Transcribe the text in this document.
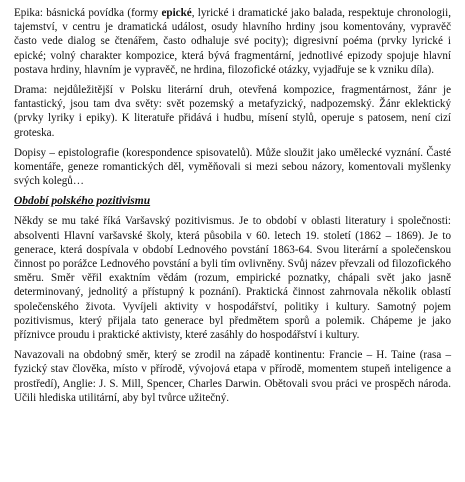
Epika: básnická povídka (formy epické, lyrické i dramatické jako balada, respektuje chronologii, tajemství, v centru je dramatická událost, osudy hlavního hrdiny jsou komentovány, vypravěč často vede dialog se čtenářem, často odhaluje své pocity); digresivní poéma (prvky lyrické i epické; volný charakter kompozice, která bývá fragmentární, jednotlivé epizody spojuje hlavní postava hrdiny, hlavním je vypravěč, ne hrdina, filozofické otázky, vyjadřuje se k vzniku díla).

Drama: nejdůležitější v Polsku literární druh, otevřená kompozice, fragmentárnost, žánr je fantastický, jsou tam dva světy: svět pozemský a metafyzický, nadpozemský. Žánr eklektický (prvky lyriky i epiky). K literatuře přidává i hudbu, mísení stylů, operuje s patosem, není cizí groteska.

Dopisy – epistolografie (korespondence spisovatelů). Může sloužit jako umělecké vyznání. Časté komentáře, geneze romantických děl, vyměňovali si mezi sebou názory, komentovali myšlenky svých kolegů…

Období polského pozitivismu

Někdy se mu také říká Varšavský pozitivismus. Je to období v oblasti literatury i společnosti: absolventi Hlavní varšavské školy, která působila v 60. letech 19. století (1862 – 1869). Je to generace, která dospívala v období Lednového povstání 1863-64. Svou literární a společenskou činnost po porážce Lednového povstání a byli tím ovlivněny. Svůj název převzali od filozofického směru. Směr věřil exaktním vědám (rozum, empirické poznatky, chápali svět jako jasně determinovaný, jednolitý a přístupný k poznání). Praktická činnost zahrnovala několik oblastí společenského života. Vyvíjeli aktivity v hospodářství, politiky i kultury. Samotný pojem pozitivismus, který přijala tato generace byl předmětem sporů a polemik. Chápeme je jako příznivce proudu i praktické aktivisty, které zasáhly do hospodářství i kultury.

Navazovali na obdobný směr, který se zrodil na západě kontinentu: Francie – H. Taine (rasa – fyzický stav člověka, místo v přírodě, vývojová etapa v přírodě, momentem stupeň inteligence a prostředí), Anglie: J. S. Mill, Spencer, Charles Darwin. Obětovali svou práci ve prospěch národa. Učili hlediska utilitární, aby byl tvůrce užitečný.
